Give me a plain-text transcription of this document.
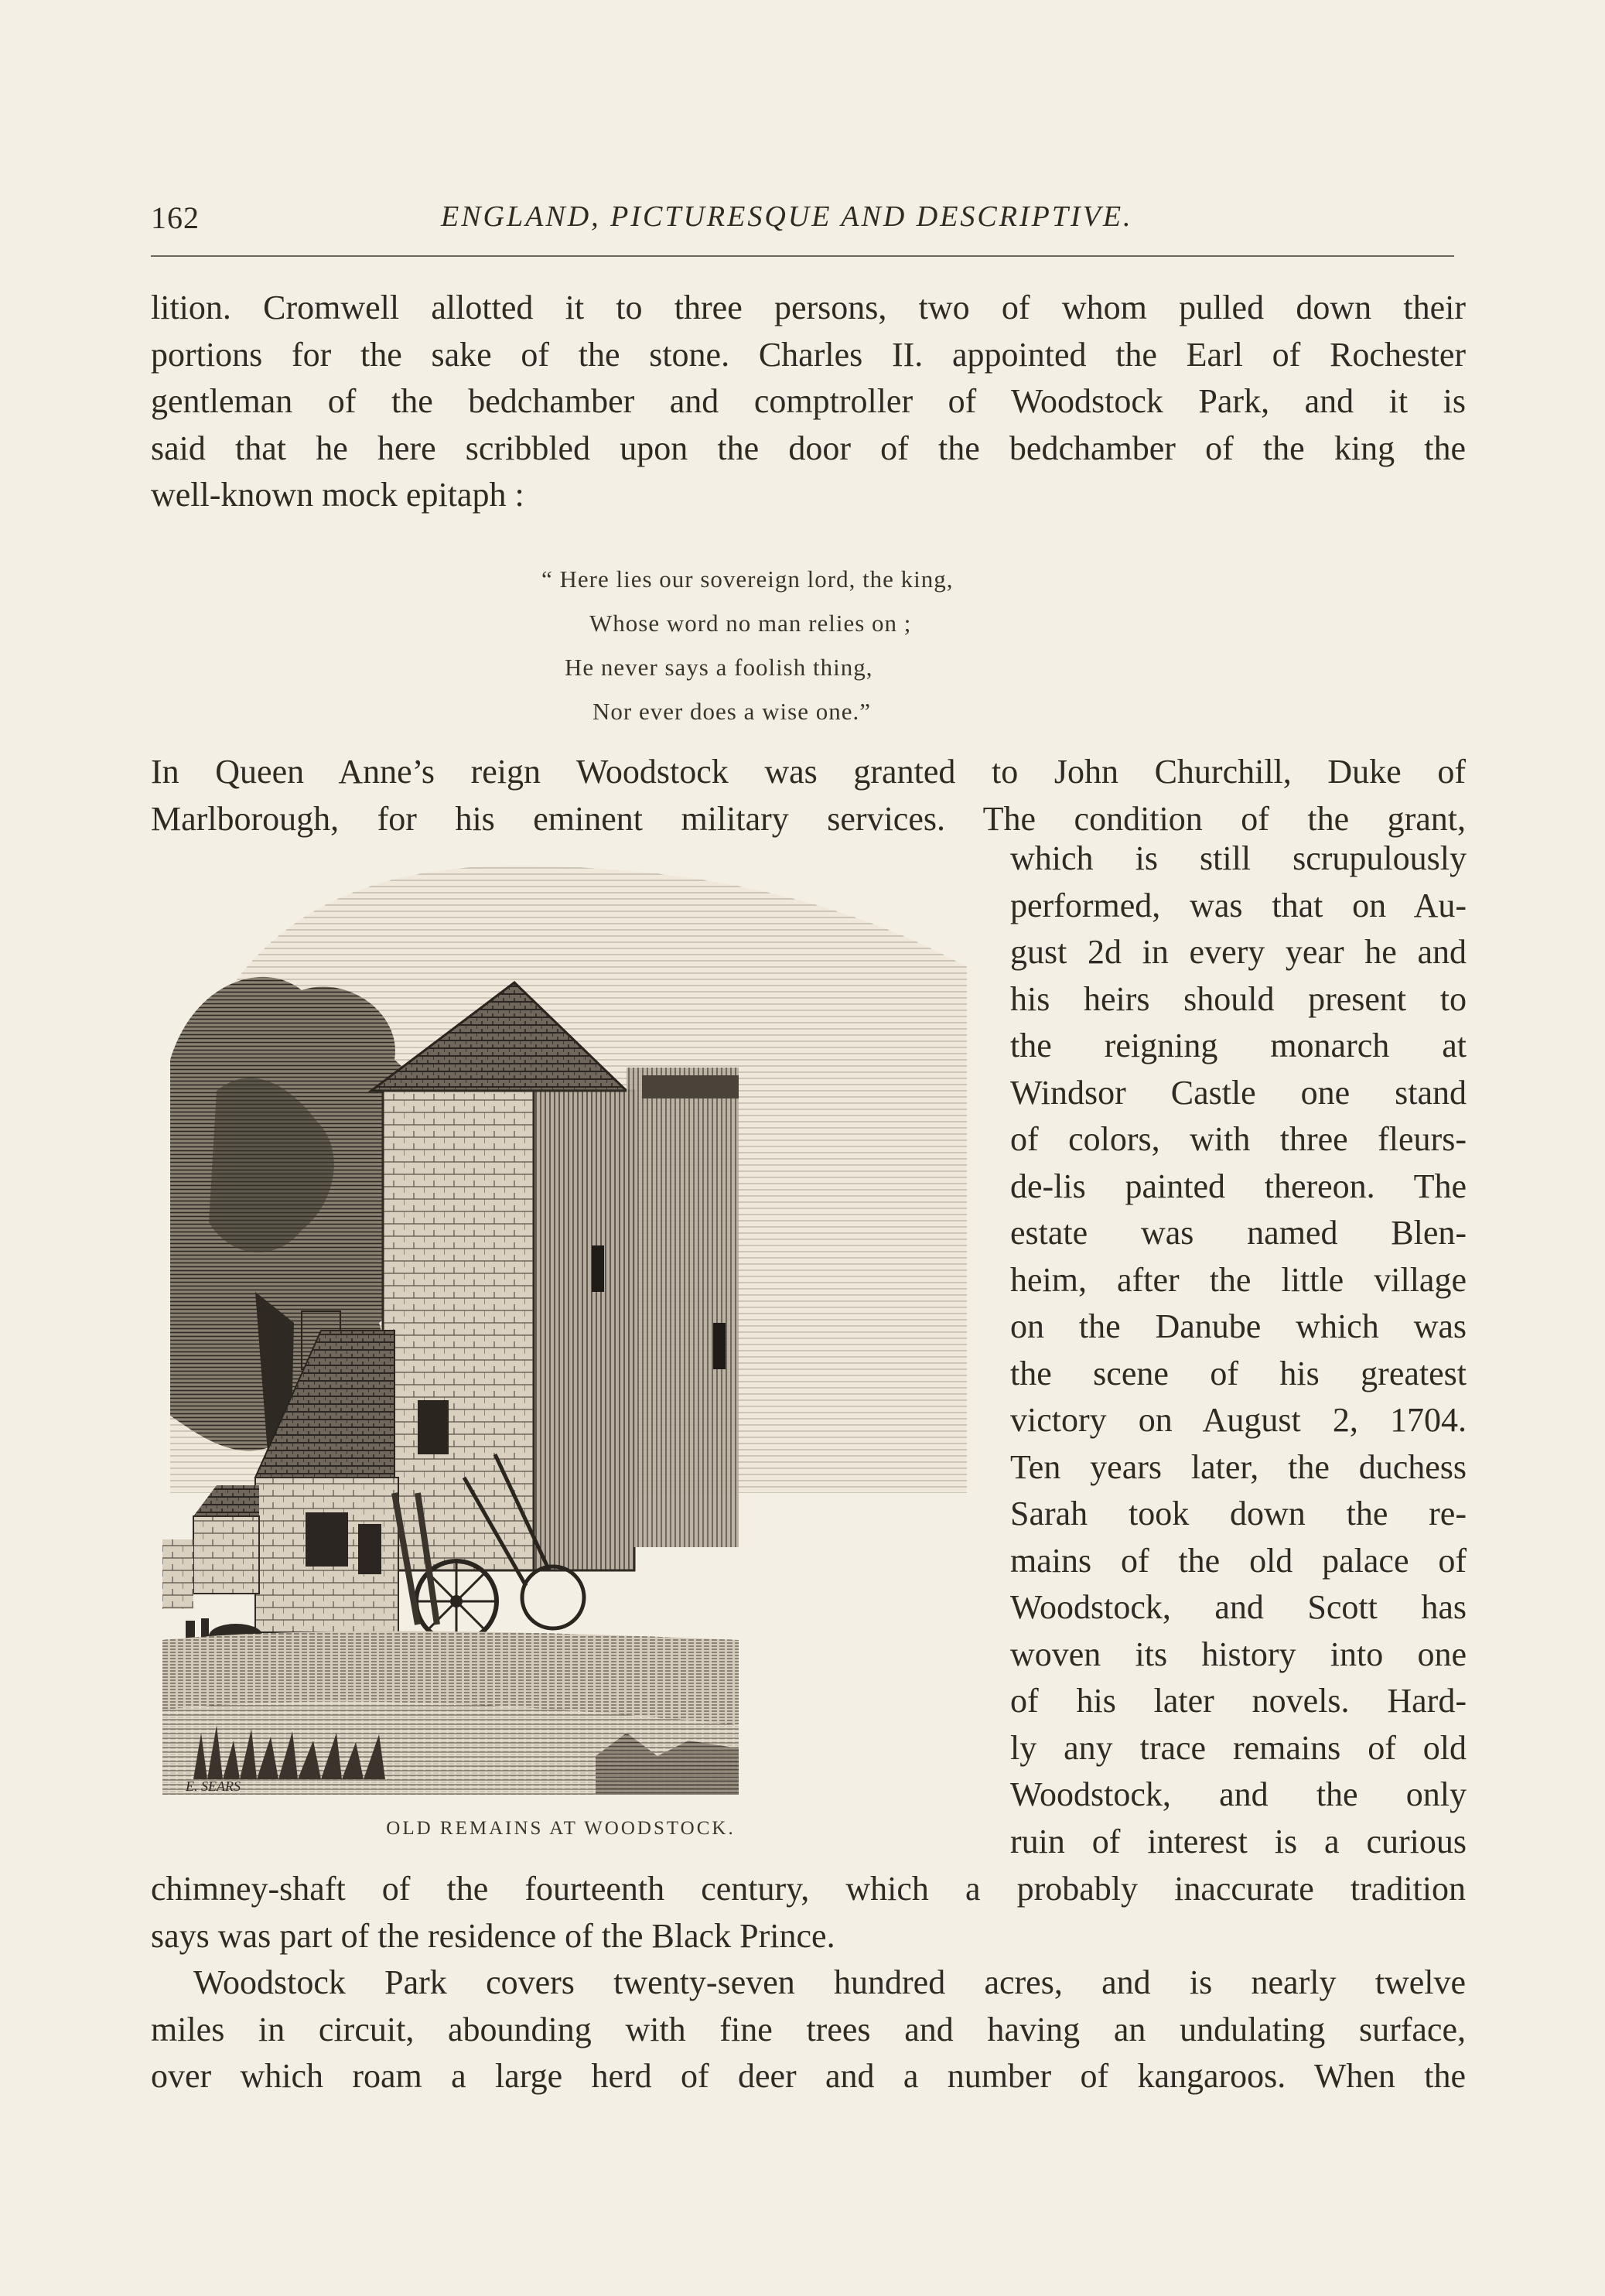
162	ENGLAND, PICTURESQUE AND DESCRIPTIVE.
lition. Cromwell allotted it to three persons, two of whom pulled down their
portions for the sake of the stone. Charles II. appointed the Earl of Rochester
gentleman of the bedchamber and comptroller of Woodstock Park, and it is
said that he here scribbled upon the door of the bedchamber of the king the
well-known mock epitaph :
“ Here lies our sovereign lord, the king,
Whose word no man relies on ;
He never says a foolish thing,
Nor ever does a wise one.”
In Queen Anne’s reign Woodstock was granted to John Churchill, Duke of
Marlborough, for his eminent military services. The condition of the grant,
which is still scrupulously
performed, was that on Au-
gust 2d in every year he and
his heirs should present to
the reigning monarch at
Windsor Castle one stand
of colors, with three fleurs-
de-lis painted thereon. The
estate was named Blen-
heim, after the little village
on the Danube which was
the scene of his greatest
victory on August 2, 1704.
Ten years later, the duchess
Sarah took down the re-
mains of the old palace of
Woodstock, and Scott has
woven its history into one
of his later novels. Hard-
ly any trace remains of old
Woodstock, and the only
ruin of interest is a curious
chimney-shaft of the fourteenth century, which a probably inaccurate tradition
says was part of the residence of the Black Prince.
Woodstock Park covers twenty-seven hundred acres, and is nearly twelve
miles in circuit, abounding with fine trees and having an undulating surface,
over which roam a large herd of deer and a number of kangaroos. When the
E. SEARS
OLD REMAINS AT WOODSTOCK.
